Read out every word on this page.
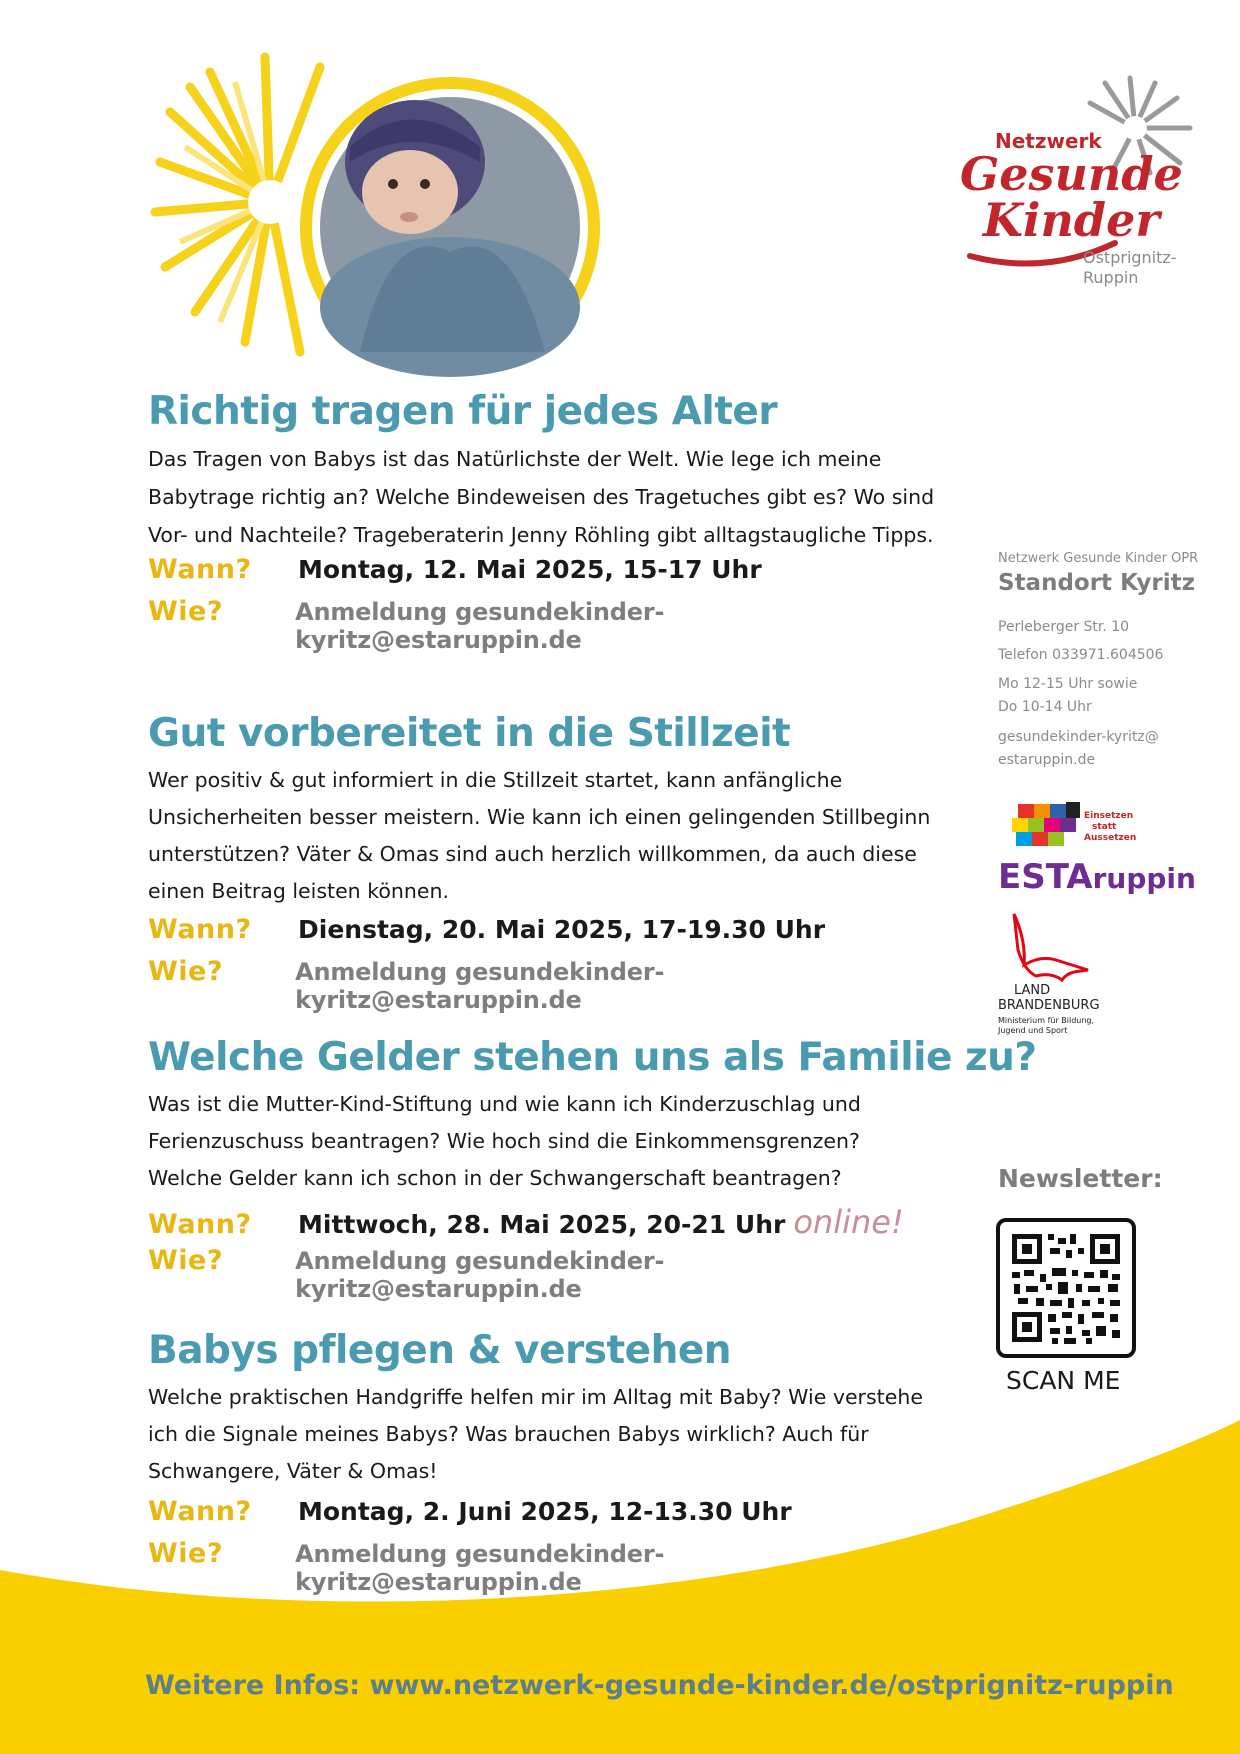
Netzwerk
Gesunde
Kinder
Ostprignitz-
Ruppin
Richtig tragen für jedes Alter

Das Tragen von Babys ist das Natürlichste der Welt. Wie lege ich meine Babytrage richtig an? Welche Bindeweisen des Tragetuches gibt es? Wo sind Vor- und Nachteile? Trageberaterin Jenny Röhling gibt alltagstaugliche Tipps.

Wann?	Montag, 12. Mai 2025, 15-17 Uhr
Wie?	Anmeldung gesundekinder-kyritz@estaruppin.de
Gut vorbereitet in die Stillzeit

Wer positiv & gut informiert in die Stillzeit startet, kann anfängliche Unsicherheiten besser meistern. Wie kann ich einen gelingenden Stillbeginn unterstützen? Väter & Omas sind auch herzlich willkommen, da auch diese einen Beitrag leisten können.

Wann?	Dienstag, 20. Mai 2025, 17-19.30 Uhr
Wie?	Anmeldung gesundekinder-kyritz@estaruppin.de
Welche Gelder stehen uns als Familie zu?

Was ist die Mutter-Kind-Stiftung und wie kann ich Kinderzuschlag und Ferienzuschuss beantragen? Wie hoch sind die Einkommensgrenzen? Welche Gelder kann ich schon in der Schwangerschaft beantragen?

Wann?	Mittwoch, 28. Mai 2025, 20-21 Uhr online!
Wie?	Anmeldung gesundekinder-kyritz@estaruppin.de
Babys pflegen & verstehen

Welche praktischen Handgriffe helfen mir im Alltag mit Baby? Wie verstehe ich die Signale meines Babys? Was brauchen Babys wirklich? Auch für Schwangere, Väter & Omas!

Wann?	Montag, 2. Juni 2025, 12-13.30 Uhr
Wie?	Anmeldung gesundekinder-kyritz@estaruppin.de
Netzwerk Gesunde Kinder OPR
Standort Kyritz
Perleberger Str. 10
Telefon 033971.604506
Mo 12-15 Uhr sowie
Do 10-14 Uhr
gesundekinder-kyritz@
estaruppin.de
Einsetzen
statt
Aussetzen
ESTAruppin
LAND
BRANDENBURG
Ministerium für Bildung,
Jugend und Sport
Newsletter:
SCAN ME
Weitere Infos: www.netzwerk-gesunde-kinder.de/ostprignitz-ruppin
